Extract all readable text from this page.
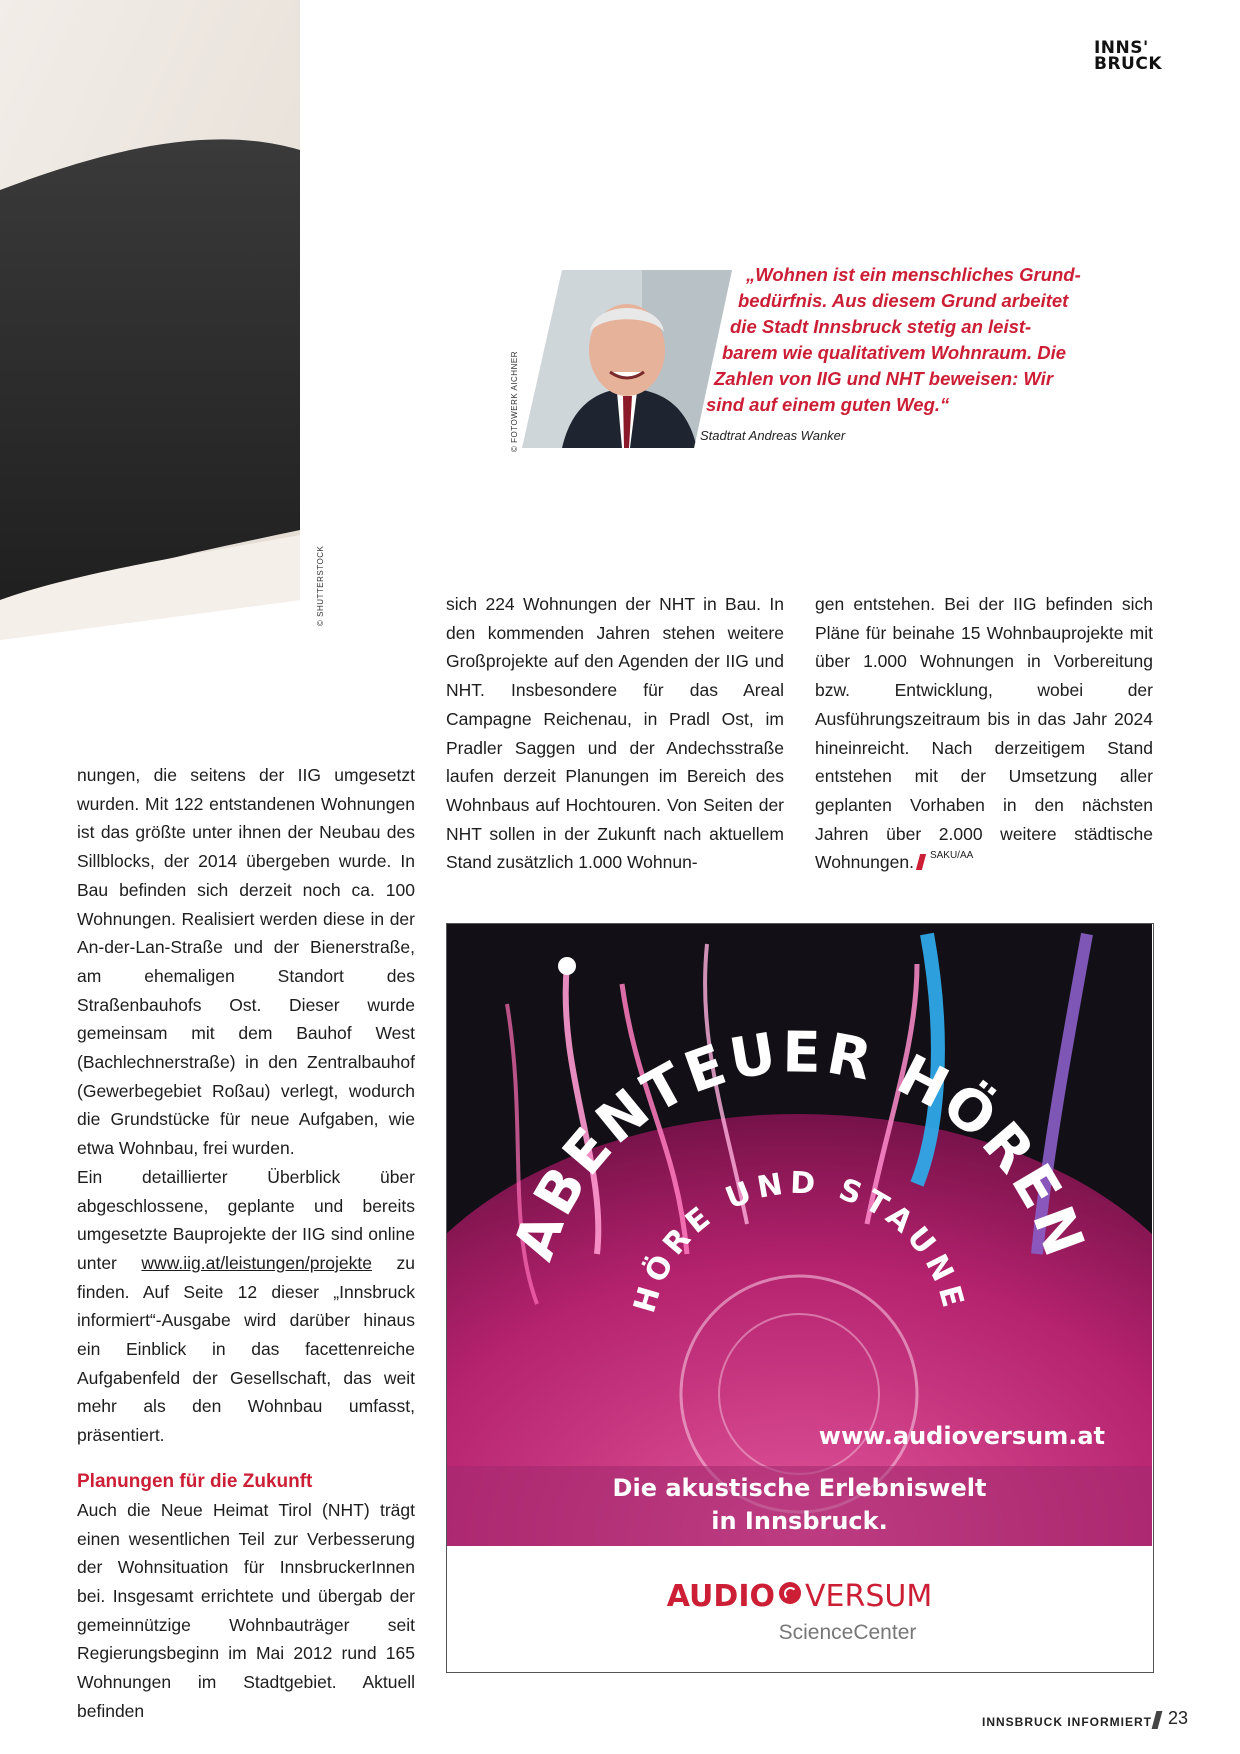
© SHUTTERSTOCK
INNS'
BRUCK
© FOTOWERK AICHNER
„Wohnen ist ein menschliches Grund-
bedürfnis. Aus diesem Grund arbeitet
die Stadt Innsbruck stetig an leist-
barem wie qualitativem Wohnraum. Die
Zahlen von IIG und NHT beweisen: Wir
sind auf einem guten Weg.“
Stadtrat Andreas Wanker

nungen, die seitens der IIG umgesetzt wurden. Mit 122 entstandenen Wohnungen ist das größte unter ihnen der Neubau des Sillblocks, der 2014 übergeben wurde. In Bau befinden sich derzeit noch ca. 100 Wohnungen. Realisiert werden diese in der An-der-Lan-Straße und der Bienerstraße, am ehemaligen Standort des Straßenbauhofs Ost. Dieser wurde gemeinsam mit dem Bauhof West (Bachlechnerstraße) in den Zentralbauhof (Gewerbegebiet Roßau) verlegt, wodurch die Grundstücke für neue Aufgaben, wie etwa Wohnbau, frei wurden.

Ein detaillierter Überblick über abgeschlossene, geplante und bereits umgesetzte Bauprojekte der IIG sind online unter www.iig.at/leistungen/projekte zu finden. Auf Seite 12 dieser „Innsbruck informiert“-Ausgabe wird darüber hinaus ein Einblick in das facettenreiche Aufgabenfeld der Gesellschaft, das weit mehr als den Wohnbau umfasst, präsentiert.

Planungen für die Zukunft

Auch die Neue Heimat Tirol (NHT) trägt einen wesentlichen Teil zur Verbesserung der Wohnsituation für InnsbruckerInnen bei. Insgesamt errichtete und übergab der gemeinnützige Wohnbauträger seit Regierungsbeginn im Mai 2012 rund 165 Wohnungen im Stadtgebiet. Aktuell befinden

sich 224 Wohnungen der NHT in Bau. In den kommenden Jahren stehen weitere Großprojekte auf den Agenden der IIG und NHT. Insbesondere für das Areal Campagne Reichenau, in Pradl Ost, im Pradler Saggen und der Andechsstraße laufen derzeit Planungen im Bereich des Wohnbaus auf Hochtouren. Von Seiten der NHT sollen in der Zukunft nach aktuellem Stand zusätzlich 1.000 Wohnun-

gen entstehen. Bei der IIG befinden sich Pläne für beinahe 15 Wohnbauprojekte mit über 1.000 Wohnungen in Vorbereitung bzw. Entwicklung, wobei der Ausführungszeitraum bis in das Jahr 2024 hineinreicht. Nach derzeitigem Stand entstehen mit der Umsetzung aller geplanten Vorhaben in den nächsten Jahren über 2.000 weitere städtische Wohnungen. $^{SAKU/AA}$

ABENTEUER HÖREN
HÖRE UND STAUNE
www.audioversum.at
Die akustische Erlebniswelt
in Innsbruck.
AUDIO VERSUM
ScienceCenter
INNSBRUCK INFORMIERT 23
